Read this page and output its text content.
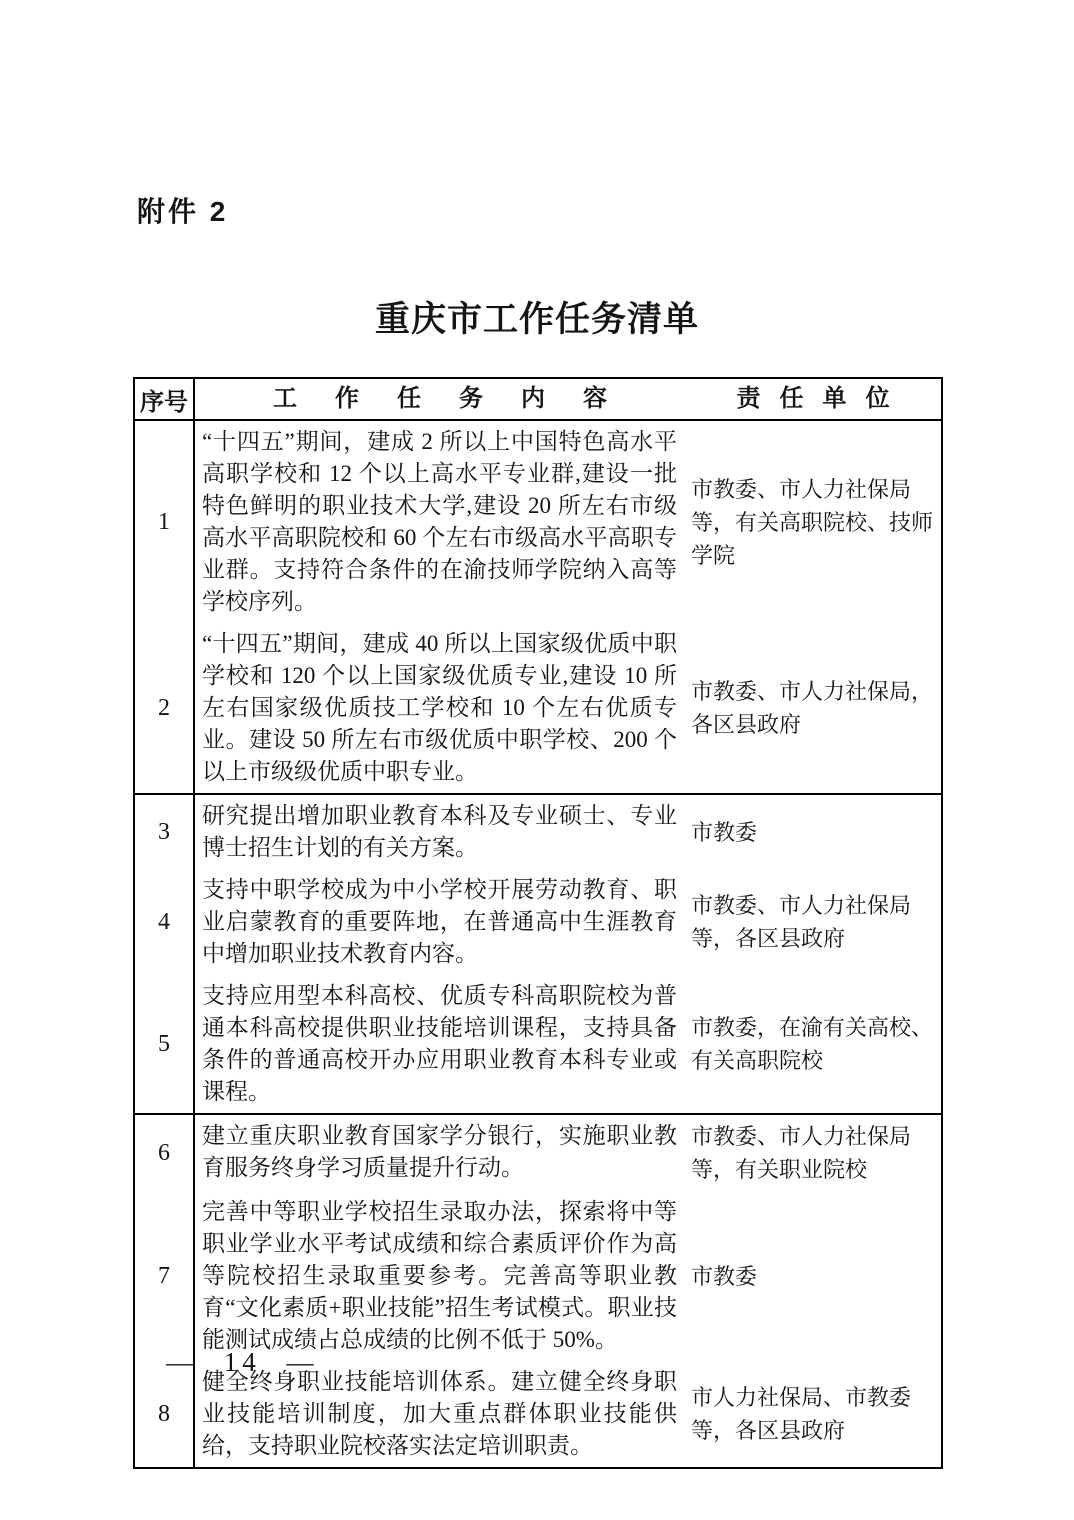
附件 2
重庆市工作任务清单
序号	工作任务内容	责任单位
1
“十四五”期间，建成 2 所以上中国特色高水平高职学校和 12 个以上高水平专业群,建设一批特色鲜明的职业技术大学,建设 20 所左右市级高水平高职院校和 60 个左右市级高水平高职专业群。支持符合条件的在渝技师学院纳入高等学校序列。
市教委、市人力社保局等，有关高职院校、技师学院
2
“十四五”期间，建成 40 所以上国家级优质中职学校和 120 个以上国家级优质专业,建设 10 所左右国家级优质技工学校和 10 个左右优质专业。建设 50 所左右市级优质中职学校、200 个以上市级级优质中职专业。
市教委、市人力社保局，各区县政府
3
研究提出增加职业教育本科及专业硕士、专业博士招生计划的有关方案。
市教委
4
支持中职学校成为中小学校开展劳动教育、职业启蒙教育的重要阵地，在普通高中生涯教育中增加职业技术教育内容。
市教委、市人力社保局等，各区县政府
5
支持应用型本科高校、优质专科高职院校为普通本科高校提供职业技能培训课程，支持具备条件的普通高校开办应用职业教育本科专业或课程。
市教委，在渝有关高校、有关高职院校
6
建立重庆职业教育国家学分银行，实施职业教育服务终身学习质量提升行动。
市教委、市人力社保局等，有关职业院校
7
完善中等职业学校招生录取办法，探索将中等职业学业水平考试成绩和综合素质评价作为高等院校招生录取重要参考。完善高等职业教育“文化素质+职业技能”招生考试模式。职业技能测试成绩占总成绩的比例不低于 50%。
市教委
8
健全终身职业技能培训体系。建立健全终身职业技能培训制度，加大重点群体职业技能供给，支持职业院校落实法定培训职责。
市人力社保局、市教委等，各区县政府
— 14 —
